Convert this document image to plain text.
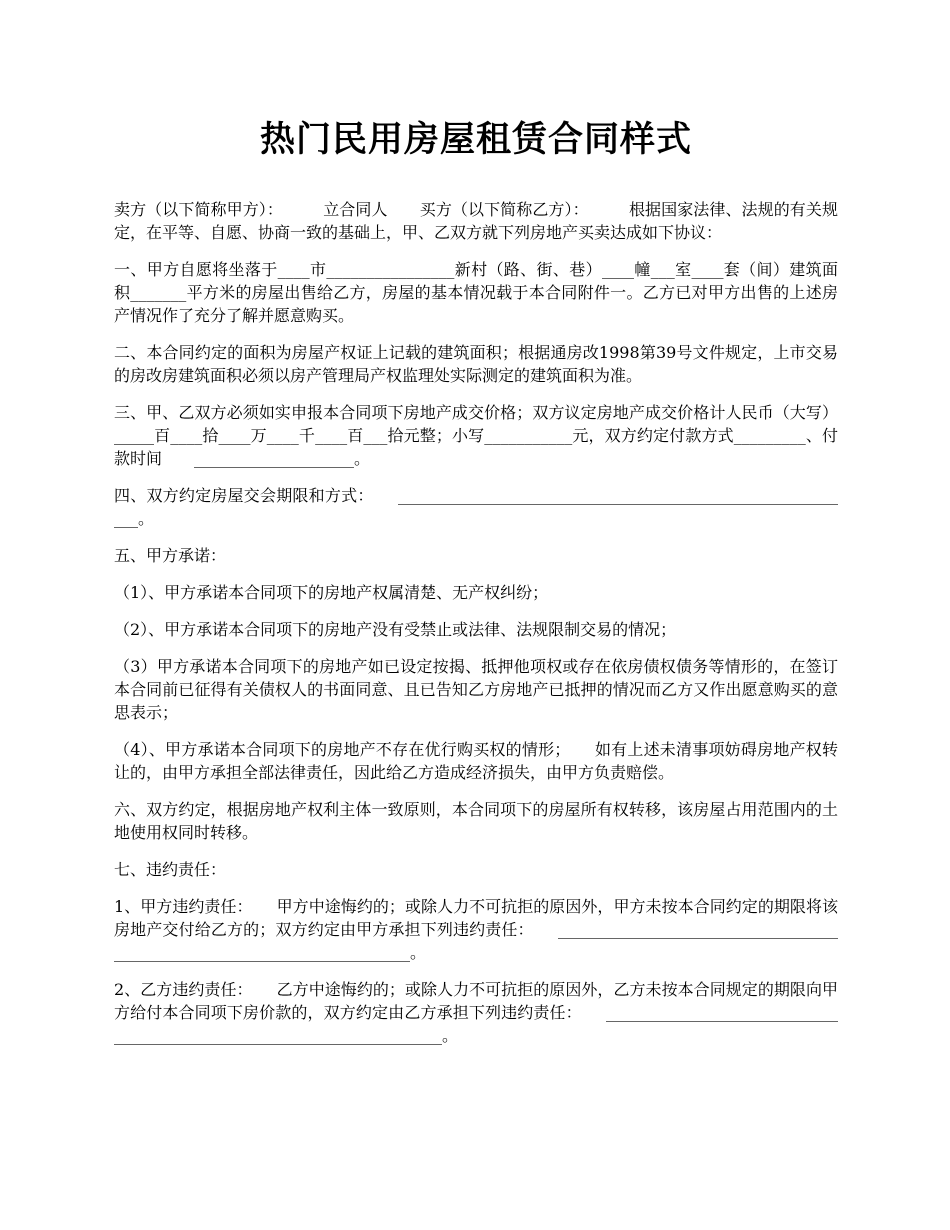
热门民用房屋租赁合同样式

卖方（以下简称甲方）：　　　立合同人　　买方（以下简称乙方）：　　　根据国家法律、法规的有关规定，在平等、自愿、协商一致的基础上，甲、乙双方就下列房地产买卖达成如下协议：

一、甲方自愿将坐落于____市________________新村（路、街、巷）____幢___室____套（间）建筑面积_______平方米的房屋出售给乙方，房屋的基本情况载于本合同附件一。乙方已对甲方出售的上述房产情况作了充分了解并愿意购买。

二、本合同约定的面积为房屋产权证上记载的建筑面积；根据通房改1998第39号文件规定，上市交易的房改房建筑面积必须以房产管理局产权监理处实际测定的建筑面积为准。

三、甲、乙双方必须如实申报本合同项下房地产成交价格；双方议定房地产成交价格计人民币（大写）_____百____拾____万____千____百___拾元整；小写___________元，双方约定付款方式_________、付款时间　　____________________。

四、双方约定房屋交会期限和方式：　　__________________________________________________________。

五、甲方承诺：

（1）、甲方承诺本合同项下的房地产权属清楚、无产权纠纷；

（2）、甲方承诺本合同项下的房地产没有受禁止或法律、法规限制交易的情况；

（3）甲方承诺本合同项下的房地产如已设定按揭、抵押他项权或存在依房债权债务等情形的，在签订本合同前已征得有关债权人的书面同意、且已告知乙方房地产已抵押的情况而乙方又作出愿意购买的意思表示；

（4）、甲方承诺本合同项下的房地产不存在优行购买权的情形；　　如有上述未清事项妨碍房地产权转让的，由甲方承担全部法律责任，因此给乙方造成经济损失，由甲方负责赔偿。

六、双方约定，根据房地产权利主体一致原则，本合同项下的房屋所有权转移，该房屋占用范围内的土地使用权同时转移。

七、违约责任：

1、甲方违约责任：　　甲方中途悔约的；或除人力不可抗拒的原因外，甲方未按本合同约定的期限将该房地产交付给乙方的；双方约定由甲方承担下列违约责任：　　________________________________________________________________________。

2、乙方违约责任：　　乙方中途悔约的；或除人力不可抗拒的原因外，乙方未按本合同规定的期限向甲方给付本合同项下房价款的，双方约定由乙方承担下列违约责任：　　______________________________________________________________________。
